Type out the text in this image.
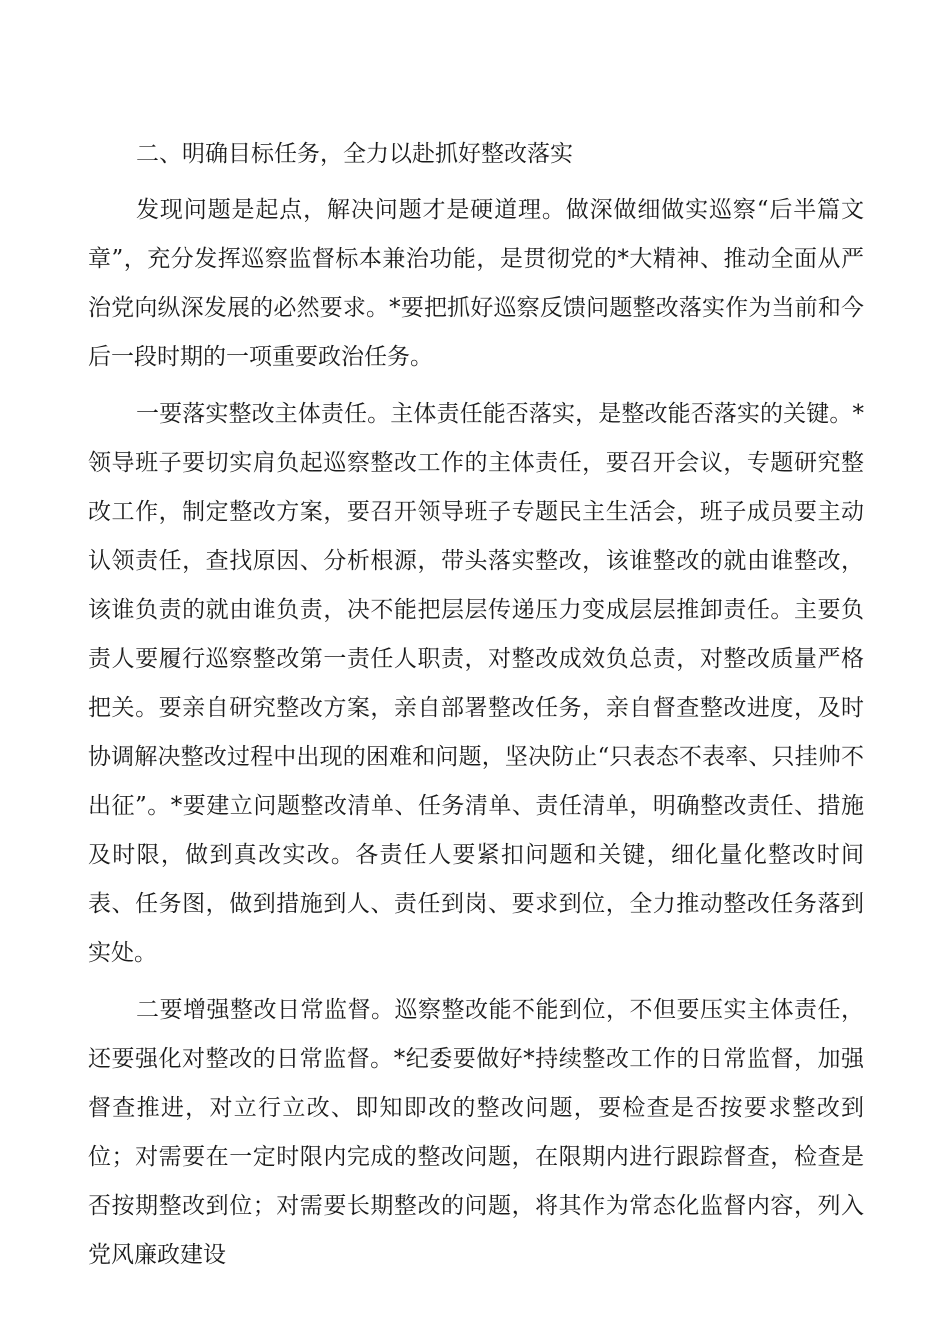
二、明确目标任务，全力以赴抓好整改落实

发现问题是起点，解决问题才是硬道理。做深做细做实巡察“后半篇文章”，充分发挥巡察监督标本兼治功能，是贯彻党的*大精神、推动全面从严治党向纵深发展的必然要求。*要把抓好巡察反馈问题整改落实作为当前和今后一段时期的一项重要政治任务。

一要落实整改主体责任。主体责任能否落实，是整改能否落实的关键。*领导班子要切实肩负起巡察整改工作的主体责任，要召开会议，专题研究整改工作，制定整改方案，要召开领导班子专题民主生活会，班子成员要主动认领责任，查找原因、分析根源，带头落实整改，该谁整改的就由谁整改，该谁负责的就由谁负责，决不能把层层传递压力变成层层推卸责任。主要负责人要履行巡察整改第一责任人职责，对整改成效负总责，对整改质量严格把关。要亲自研究整改方案，亲自部署整改任务，亲自督查整改进度，及时协调解决整改过程中出现的困难和问题，坚决防止“只表态不表率、只挂帅不出征”。*要建立问题整改清单、任务清单、责任清单，明确整改责任、措施及时限，做到真改实改。各责任人要紧扣问题和关键，细化量化整改时间表、任务图，做到措施到人、责任到岗、要求到位，全力推动整改任务落到实处。

二要增强整改日常监督。巡察整改能不能到位，不但要压实主体责任，还要强化对整改的日常监督。*纪委要做好*持续整改工作的日常监督，加强督查推进，对立行立改、即知即改的整改问题，要检查是否按要求整改到位；对需要在一定时限内完成的整改问题，在限期内进行跟踪督查，检查是否按期整改到位；对需要长期整改的问题，将其作为常态化监督内容，列入党风廉政建设
